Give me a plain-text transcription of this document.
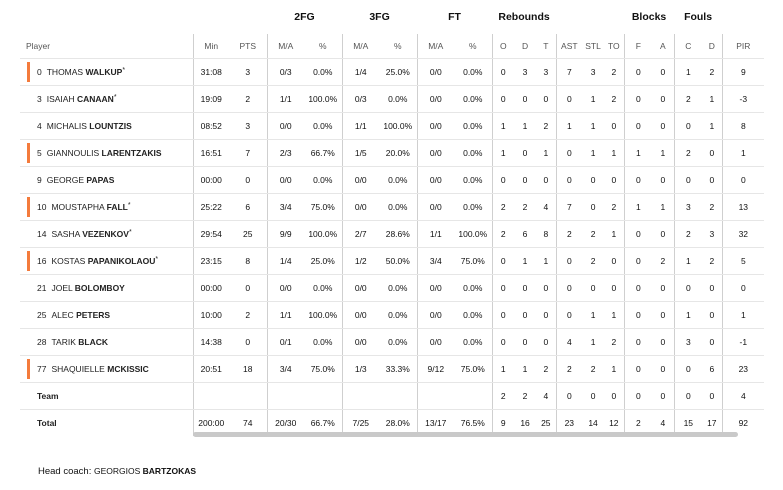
			2FG		3FG		FT		Rebounds						Blocks		Fouls		
Player	Min	PTS	M/A	%	M/A	%	M/A	%	O	D	T	AST	STL	TO	F	A	C	D	PIR

0 THOMAS WALKUP*	31:08	3	0/3	0.0%	1/4	25.0%	0/0	0.0%	0	3	3	7	3	2	0	0	1	2	9
3 ISAIAH CANAAN*	19:09	2	1/1	100.0%	0/3	0.0%	0/0	0.0%	0	0	0	0	1	2	0	0	2	1	-3
4 MICHALIS LOUNTZIS	08:52	3	0/0	0.0%	1/1	100.0%	0/0	0.0%	1	1	2	1	1	0	0	0	0	1	8

5 GIANNOULIS LARENTZAKIS	16:51	7	2/3	66.7%	1/5	20.0%	0/0	0.0%	1	0	1	0	1	1	1	1	2	0	1
9 GEORGE PAPAS	00:00	0	0/0	0.0%	0/0	0.0%	0/0	0.0%	0	0	0	0	0	0	0	0	0	0	0

10 MOUSTAPHA FALL*	25:22	6	3/4	75.0%	0/0	0.0%	0/0	0.0%	2	2	4	7	0	2	1	1	3	2	13
14 SASHA VEZENKOV*	29:54	25	9/9	100.0%	2/7	28.6%	1/1	100.0%	2	6	8	2	2	1	0	0	2	3	32

16 KOSTAS PAPANIKOLAOU*	23:15	8	1/4	25.0%	1/2	50.0%	3/4	75.0%	0	1	1	0	2	0	0	2	1	2	5
21 JOEL BOLOMBOY	00:00	0	0/0	0.0%	0/0	0.0%	0/0	0.0%	0	0	0	0	0	0	0	0	0	0	0
25 ALEC PETERS	10:00	2	1/1	100.0%	0/0	0.0%	0/0	0.0%	0	0	0	0	1	1	0	0	1	0	1
28 TARIK BLACK	14:38	0	0/1	0.0%	0/0	0.0%	0/0	0.0%	0	0	0	4	1	2	0	0	3	0	-1

77 SHAQUIELLE MCKISSIC	20:51	18	3/4	75.0%	1/3	33.3%	9/12	75.0%	1	1	2	2	2	1	0	0	0	6	23
Team									2	2	4	0	0	0	0	0	0	0	4
Total	200:00	74	20/30	66.7%	7/25	28.0%	13/17	76.5%	9	16	25	23	14	12	2	4	15	17	92
Head coach: GEORGIOS BARTZOKAS
